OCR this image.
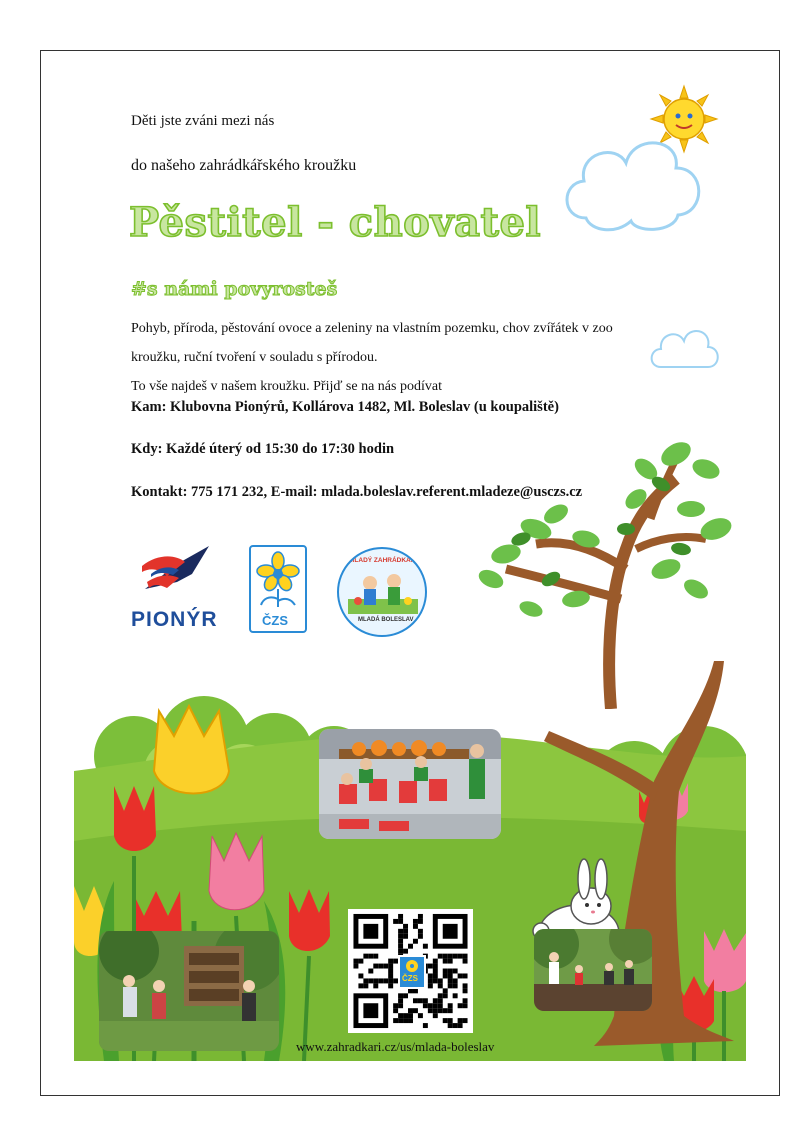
Děti jste zváni mezi nás
do našeho zahrádkářského kroužku
Pěstitel - chovatel
#s námi povyrosteš
Pohyb, příroda, pěstování ovoce a zeleniny na vlastním pozemku, chov zvířátek v zoo
kroužku, ruční tvoření v souladu s přírodou.
To vše najdeš v našem kroužku. Přijď se na nás podívat
Kam: Klubovna Pionýrů, Kollárova 1482, Ml. Boleslav (u koupaliště)
Kdy: Každé úterý od 15:30 do 17:30 hodin
Kontakt: 775 171 232, E-mail: mlada.boleslav.referent.mladeze@usczs.cz
PIONÝR	ČZS
MLADÝ ZAHRÁDKÁŘ
MLADÁ BOLESLAV
ČZS
www.zahradkari.cz/us/mlada-boleslav
